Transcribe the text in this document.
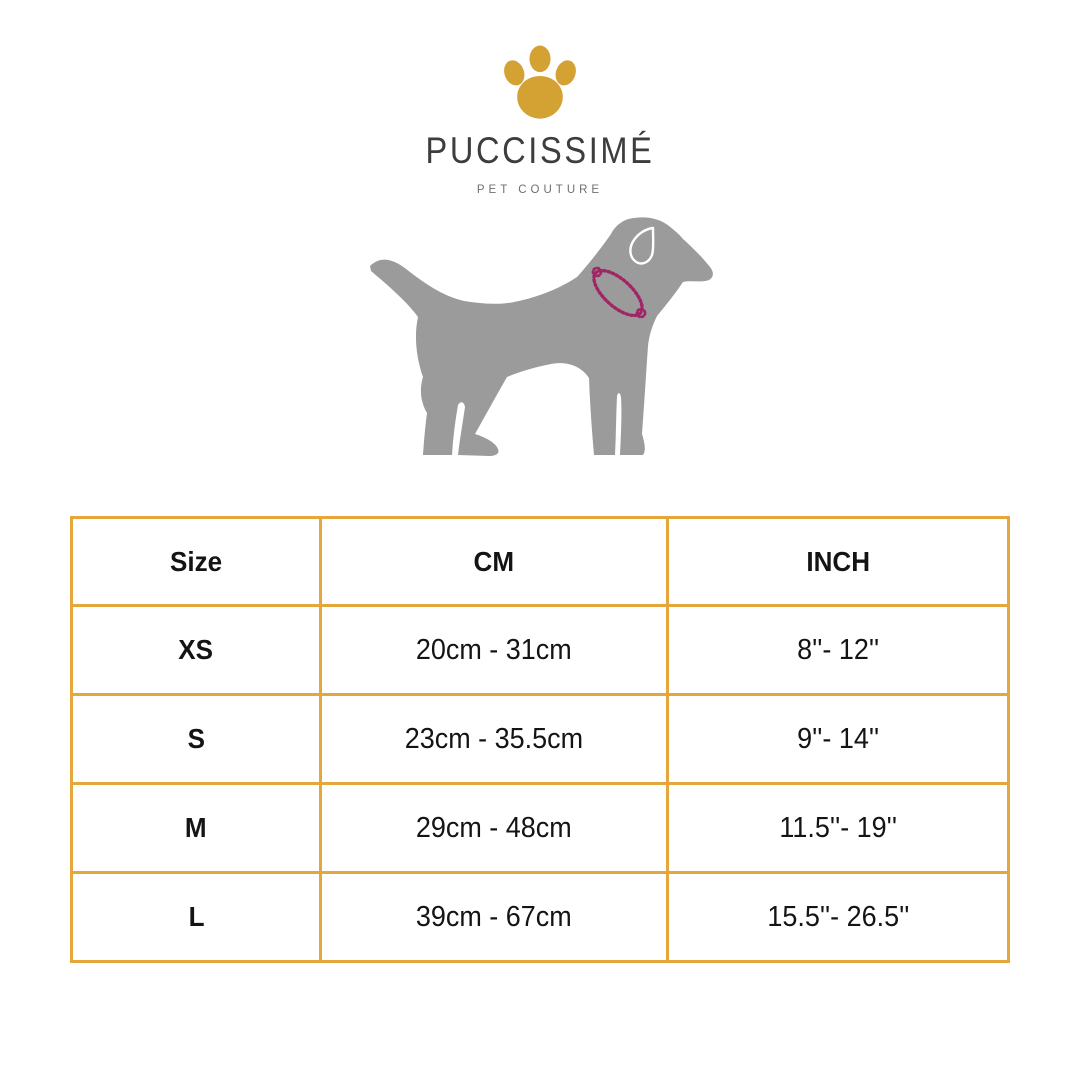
PUCCISSIMÉ
PET COUTURE
Size	CM	INCH
XS	20cm - 31cm	8''- 12''
S	23cm - 35.5cm	9''- 14''
M	29cm - 48cm	11.5''- 19''
L	39cm - 67cm	15.5''- 26.5''
